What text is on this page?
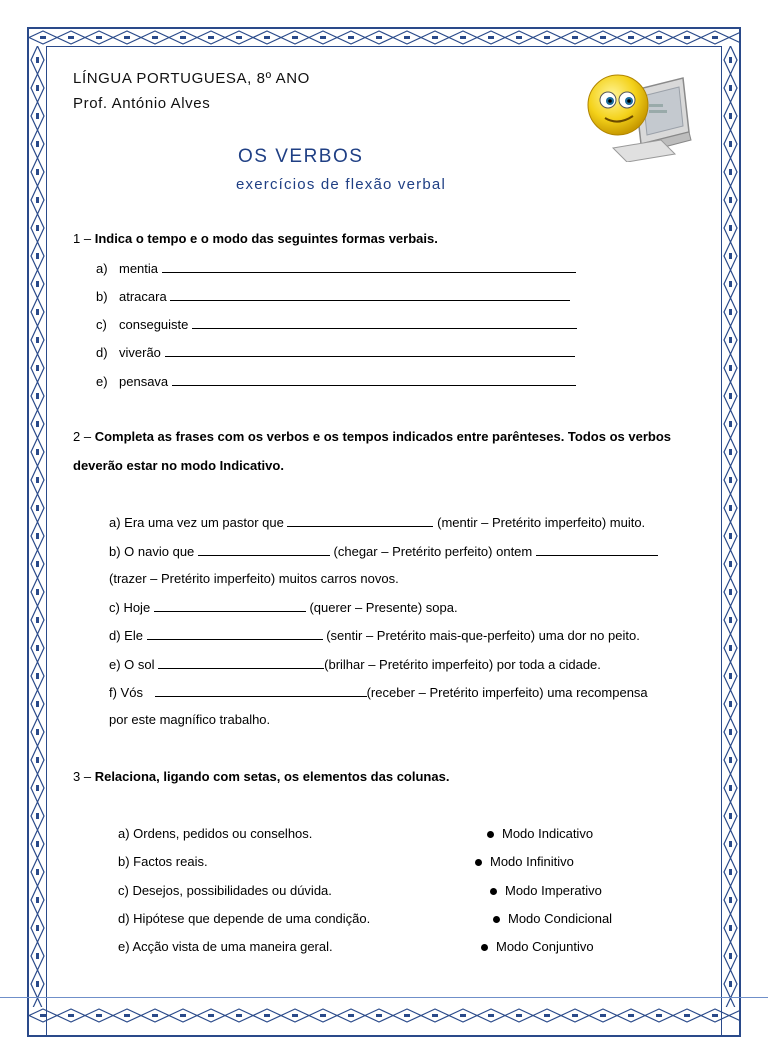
LÍNGUA PORTUGUESA, 8º ANO
Prof. António Alves
OS VERBOS
exercícios de flexão verbal
1 – Indica o tempo e o modo das seguintes formas verbais.
a) mentia
b) atracara
c) conseguiste
d) viverão
e) pensava
2 – Completa as frases com os verbos e os tempos indicados entre parênteses. Todos os verbos
deverão estar no modo Indicativo.
a) Era uma vez um pastor que	(mentir – Pretérito imperfeito) muito.
b) O navio que	(chegar – Pretérito perfeito) ontem
(trazer – Pretérito imperfeito) muitos carros novos.
c) Hoje	(querer – Presente) sopa.
d) Ele	(sentir – Pretérito mais-que-perfeito) uma dor no peito.
e) O sol	(brilhar – Pretérito imperfeito) por toda a cidade.
f) Vós	(receber – Pretérito imperfeito) uma recompensa
por este magnífico trabalho.
3 – Relaciona, ligando com setas, os elementos das colunas.
a) Ordens, pedidos ou conselhos.
b) Factos reais.
c) Desejos, possibilidades ou dúvida.
d) Hipótese que depende de uma condição.
e) Acção vista de uma maneira geral.
Modo Indicativo
Modo Infinitivo
Modo Imperativo
Modo Condicional
Modo Conjuntivo
